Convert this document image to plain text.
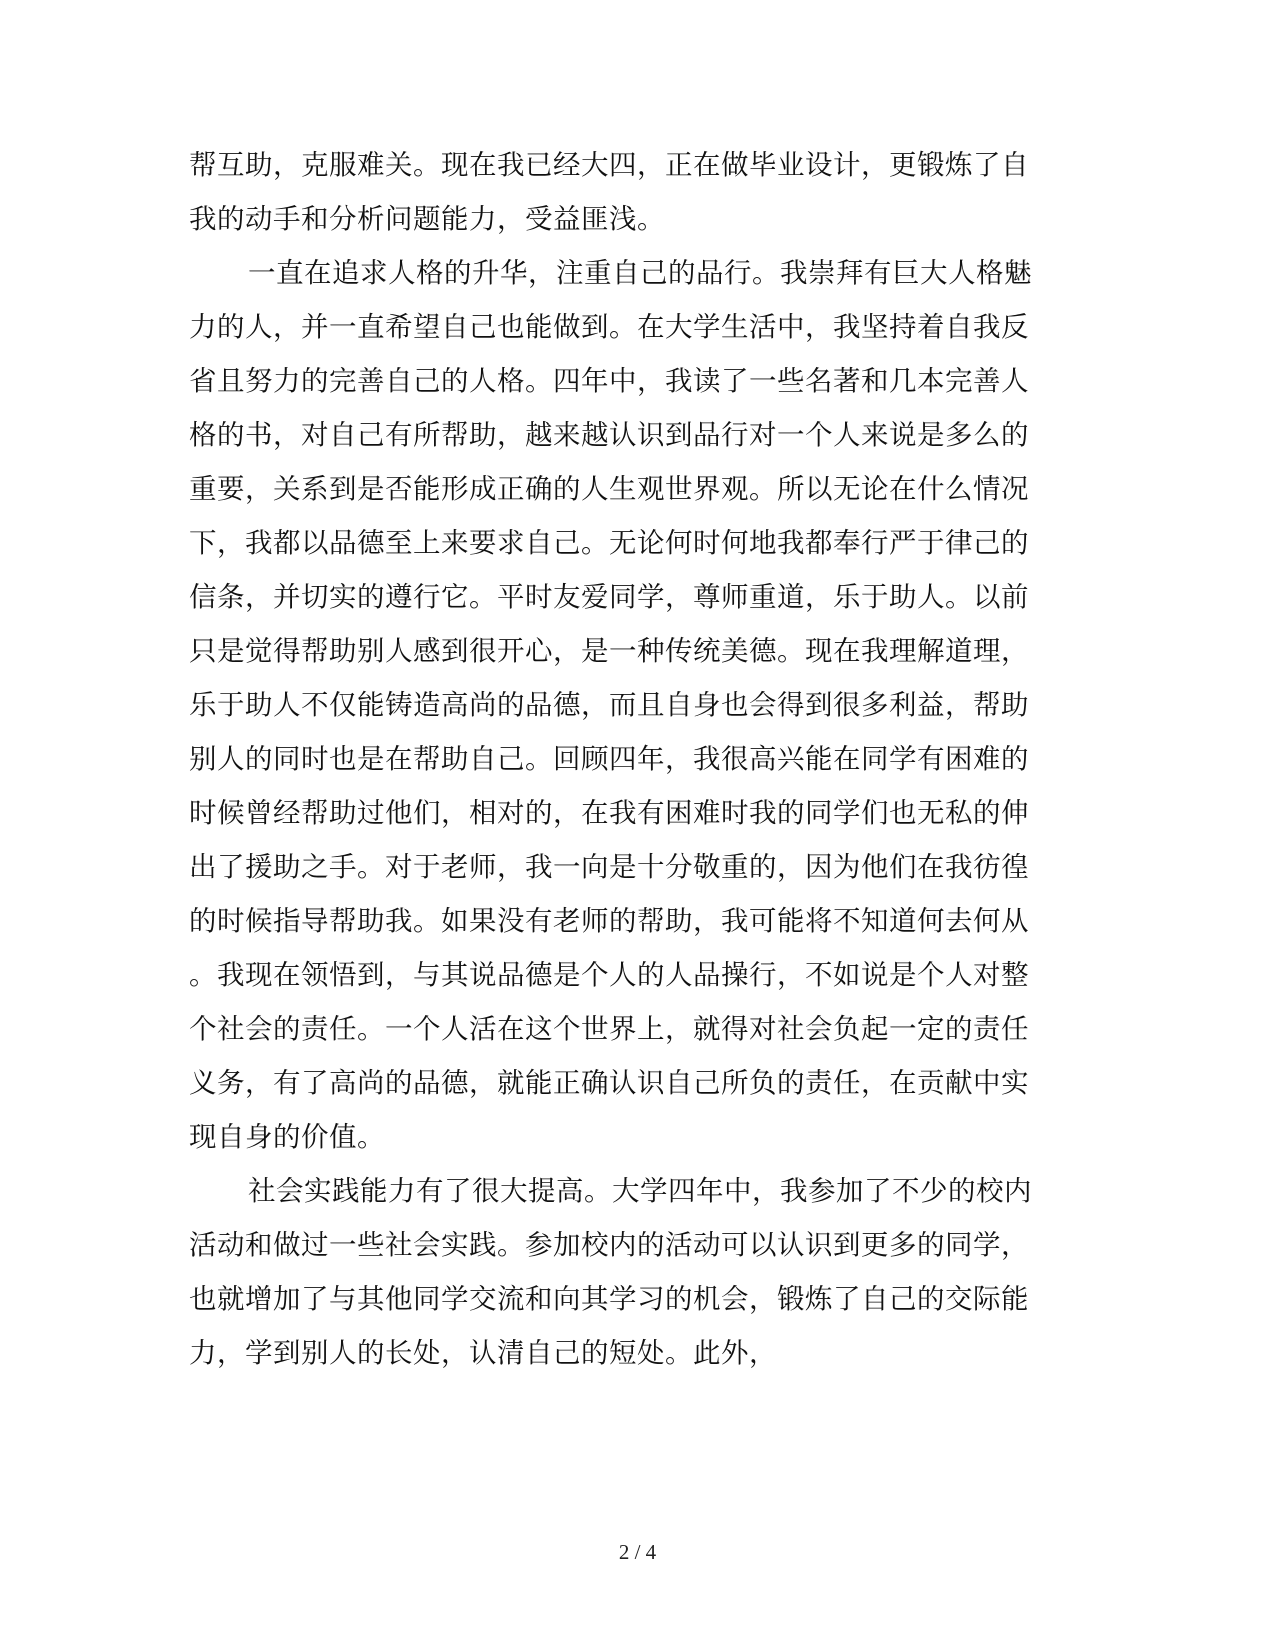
帮互助，克服难关。现在我已经大四，正在做毕业设计，更锻炼了自
我的动手和分析问题能力，受益匪浅。
一直在追求人格的升华，注重自己的品行。我崇拜有巨大人格魅
力的人，并一直希望自己也能做到。在大学生活中，我坚持着自我反
省且努力的完善自己的人格。四年中，我读了一些名著和几本完善人
格的书，对自己有所帮助，越来越认识到品行对一个人来说是多么的
重要，关系到是否能形成正确的人生观世界观。所以无论在什么情况
下，我都以品德至上来要求自己。无论何时何地我都奉行严于律己的
信条，并切实的遵行它。平时友爱同学，尊师重道，乐于助人。以前
只是觉得帮助别人感到很开心，是一种传统美德。现在我理解道理，
乐于助人不仅能铸造高尚的品德，而且自身也会得到很多利益，帮助
别人的同时也是在帮助自己。回顾四年，我很高兴能在同学有困难的
时候曾经帮助过他们，相对的，在我有困难时我的同学们也无私的伸
出了援助之手。对于老师，我一向是十分敬重的，因为他们在我彷徨
的时候指导帮助我。如果没有老师的帮助，我可能将不知道何去何从
。我现在领悟到，与其说品德是个人的人品操行，不如说是个人对整
个社会的责任。一个人活在这个世界上，就得对社会负起一定的责任
义务，有了高尚的品德，就能正确认识自己所负的责任，在贡献中实
现自身的价值。
社会实践能力有了很大提高。大学四年中，我参加了不少的校内
活动和做过一些社会实践。参加校内的活动可以认识到更多的同学，
也就增加了与其他同学交流和向其学习的机会，锻炼了自己的交际能
力，学到别人的长处，认清自己的短处。此外，
2 / 4
